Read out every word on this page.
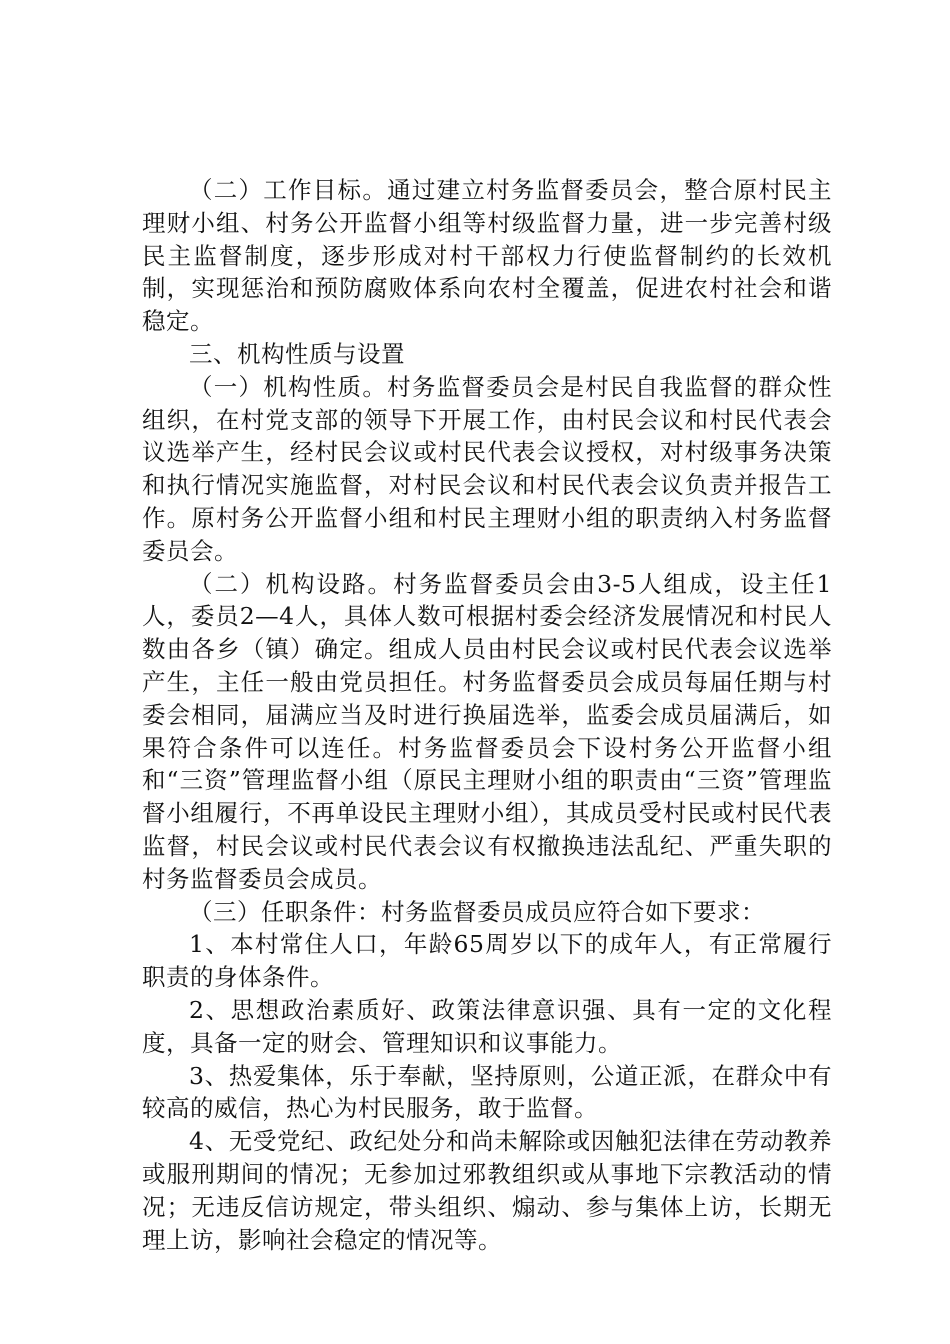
（二）工作目标。通过建立村务监督委员会，整合原村民主理财小组、村务公开监督小组等村级监督力量，进一步完善村级民主监督制度，逐步形成对村干部权力行使监督制约的长效机制，实现惩治和预防腐败体系向农村全覆盖，促进农村社会和谐稳定。

三、机构性质与设置

（一）机构性质。村务监督委员会是村民自我监督的群众性组织，在村党支部的领导下开展工作，由村民会议和村民代表会议选举产生，经村民会议或村民代表会议授权，对村级事务决策和执行情况实施监督，对村民会议和村民代表会议负责并报告工作。原村务公开监督小组和村民主理财小组的职责纳入村务监督委员会。

（二）机构设路。村务监督委员会由3-5人组成，设主任1人，委员2—4人，具体人数可根据村委会经济发展情况和村民人数由各乡（镇）确定。组成人员由村民会议或村民代表会议选举产生，主任一般由党员担任。村务监督委员会成员每届任期与村委会相同，届满应当及时进行换届选举，监委会成员届满后，如果符合条件可以连任。村务监督委员会下设村务公开监督小组和“三资”管理监督小组（原民主理财小组的职责由“三资”管理监督小组履行，不再单设民主理财小组），其成员受村民或村民代表监督，村民会议或村民代表会议有权撤换违法乱纪、严重失职的村务监督委员会成员。

（三）任职条件：村务监督委员成员应符合如下要求：

1、本村常住人口，年龄65周岁以下的成年人，有正常履行职责的身体条件。

2、思想政治素质好、政策法律意识强、具有一定的文化程度，具备一定的财会、管理知识和议事能力。

3、热爱集体，乐于奉献，坚持原则，公道正派，在群众中有较高的威信，热心为村民服务，敢于监督。

4、无受党纪、政纪处分和尚未解除或因触犯法律在劳动教养或服刑期间的情况；无参加过邪教组织或从事地下宗教活动的情况；无违反信访规定，带头组织、煽动、参与集体上访，长期无理上访，影响社会稳定的情况等。
